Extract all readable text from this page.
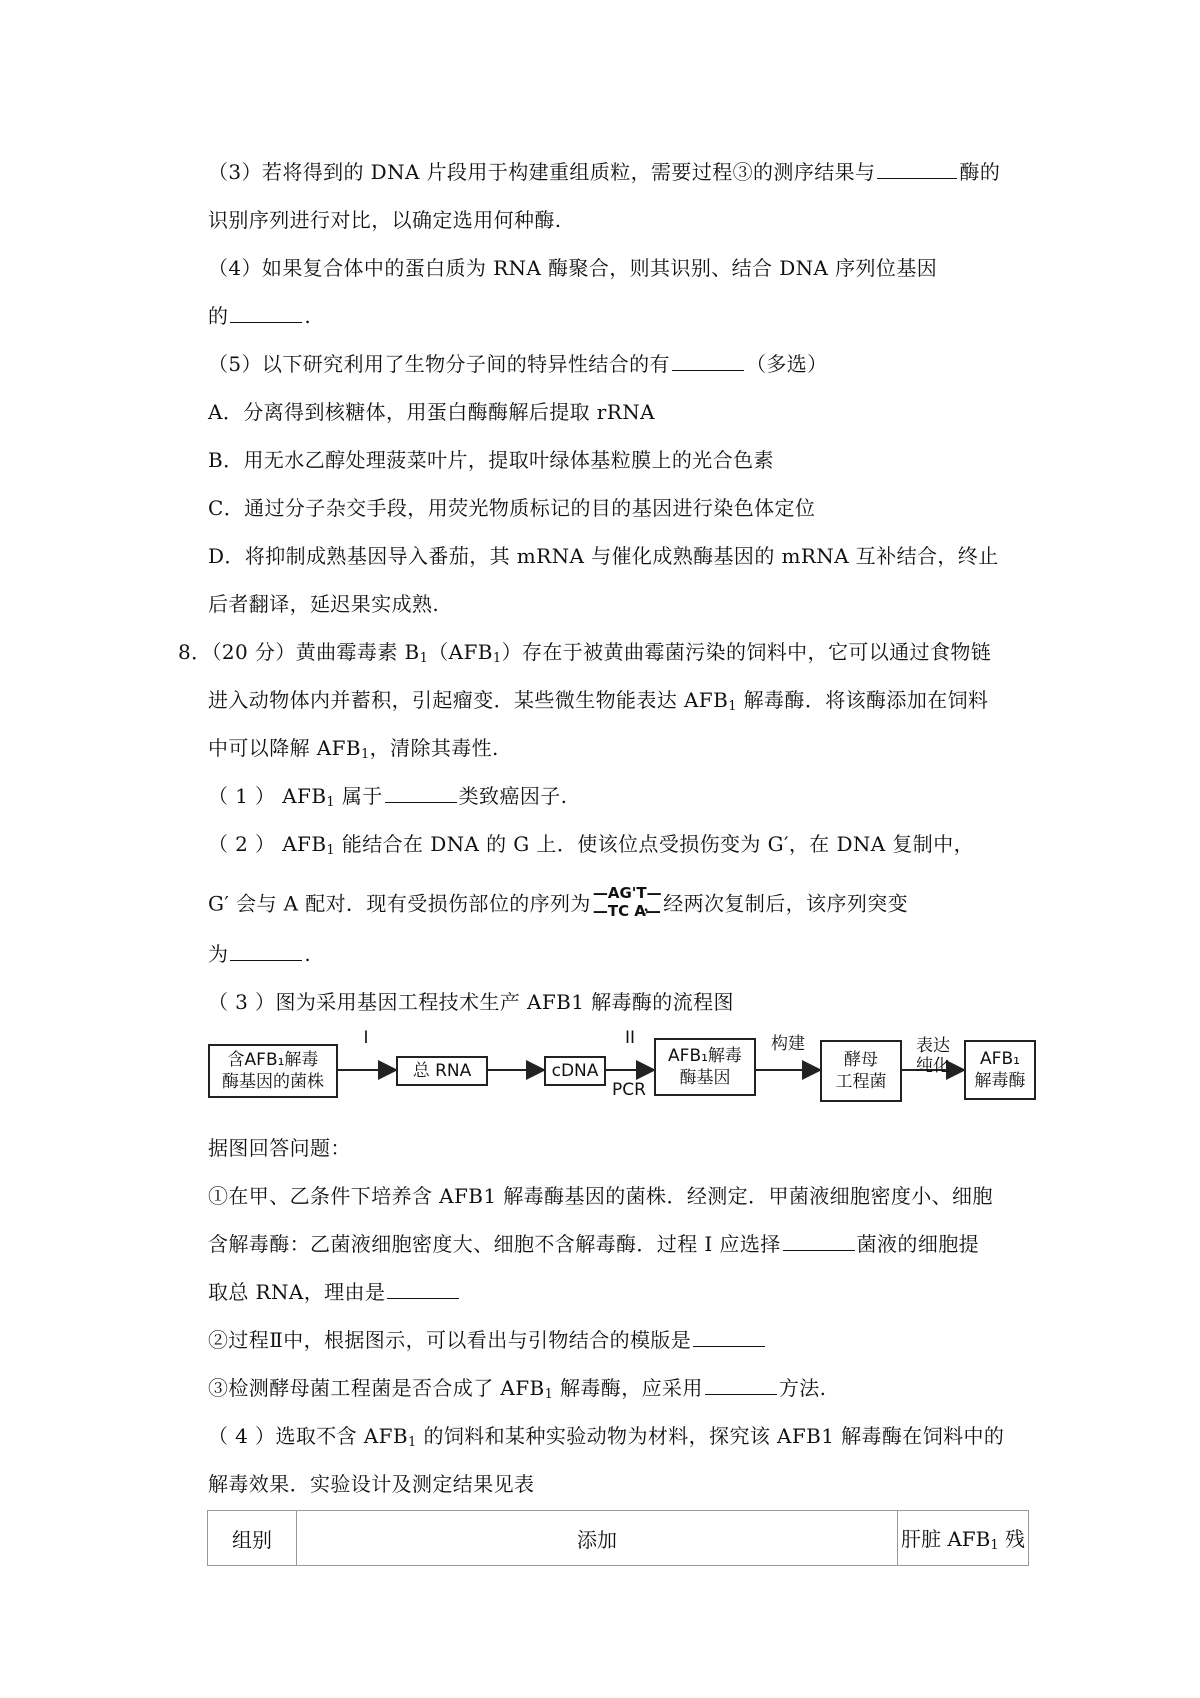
（3）若将得到的 DNA 片段用于构建重组质粒，需要过程③的测序结果与	酶的
识别序列进行对比，以确定选用何种酶.
（4）如果复合体中的蛋白质为 RNA 酶聚合，则其识别、结合 DNA 序列位基因
的	.
（5）以下研究利用了生物分子间的特异性结合的有	（多选）
A．分离得到核糖体，用蛋白酶酶解后提取 rRNA
B．用无水乙醇处理菠菜叶片，提取叶绿体基粒膜上的光合色素
C．通过分子杂交手段，用荧光物质标记的目的基因进行染色体定位
D．将抑制成熟基因导入番茄，其 mRNA 与催化成熟酶基因的 mRNA 互补结合，终止
后者翻译，延迟果实成熟.
8．（20 分）黄曲霉毒素 $B_1(AFB_1)$存在于被黄曲霉菌污染的饲料中，它可以通过食物链
进入动物体内并蓄积，引起瘤变．某些微生物能表达 $AFB_1$ 解毒酶．将该酶添加在饲料
中可以降解 $AFB_1$，清除其毒性.
（ 1 ） $AFB_1$ 属于	类致癌因子.
（ 2 ） $AFB_1$ 能结合在 DNA 的 G 上．使该位点受损伤变为 G′，在 DNA 复制中，
G′ 会与 A 配对．现有受损伤部位的序列为 —AG'T—
—TC A—
，经两次复制后，该序列突变
为	.
（ 3 ）图为采用基因工程技术生产 AFB1 解毒酶的流程图
含AFB₁解毒
酶基因的菌株
I
总 RNA	cDNA
II
PCR
AFB₁解毒
酶基因
构建
酵母
工程菌
表达
纯化	AFB₁
解毒酶
据图回答问题：
①在甲、乙条件下培养含 AFB1 解毒酶基因的菌株．经测定．甲菌液细胞密度小、细胞
含解毒酶：乙菌液细胞密度大、细胞不含解毒酶．过程 I 应选择	菌液的细胞提
取总 RNA，理由是
②过程Ⅱ中，根据图示，可以看出与引物结合的模版是
③检测酵母菌工程菌是否合成了 $AFB_1$ 解毒酶，应采用	方法.
（ 4 ）选取不含 $AFB_1$ 的饲料和某种实验动物为材料，探究该 AFB1 解毒酶在饲料中的
解毒效果．实验设计及测定结果见表
组别	添加	肝脏 $AFB_1$ 残
